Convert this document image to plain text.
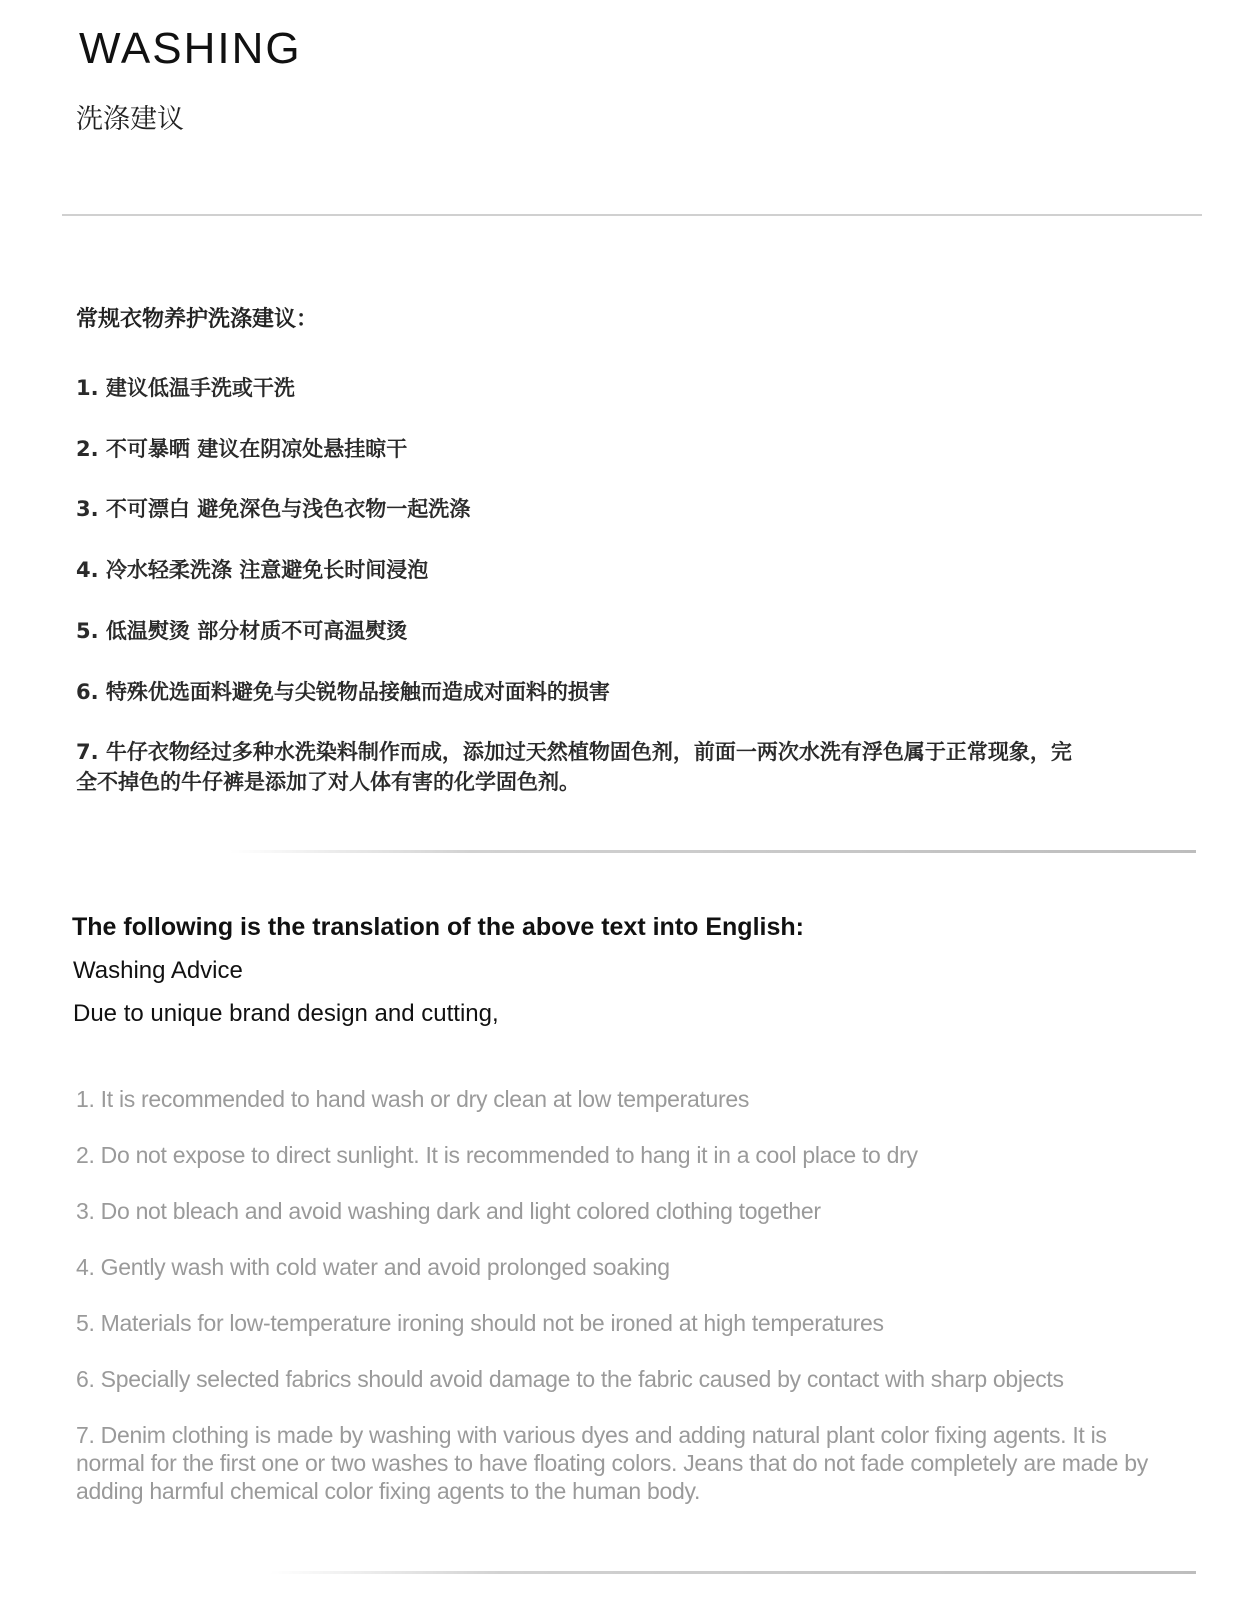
WASHING
洗涤建议
常规衣物养护洗涤建议：
1. 建议低温手洗或干洗
2. 不可暴晒 建议在阴凉处悬挂晾干
3. 不可漂白 避免深色与浅色衣物一起洗涤
4. 冷水轻柔洗涤 注意避免长时间浸泡
5. 低温熨烫 部分材质不可高温熨烫
6. 特殊优选面料避免与尖锐物品接触而造成对面料的损害
7. 牛仔衣物经过多种水洗染料制作而成，添加过天然植物固色剂，前面一两次水洗有浮色属于正常现象，完全不掉色的牛仔裤是添加了对人体有害的化学固色剂。
The following is the translation of the above text into English:
Washing Advice
Due to unique brand design and cutting,
1. It is recommended to hand wash or dry clean at low temperatures
2. Do not expose to direct sunlight. It is recommended to hang it in a cool place to dry
3. Do not bleach and avoid washing dark and light colored clothing together
4. Gently wash with cold water and avoid prolonged soaking
5. Materials for low-temperature ironing should not be ironed at high temperatures
6. Specially selected fabrics should avoid damage to the fabric caused by contact with sharp objects
7. Denim clothing is made by washing with various dyes and adding natural plant color fixing agents. It is normal for the first one or two washes to have floating colors. Jeans that do not fade completely are made by adding harmful chemical color fixing agents to the human body.
